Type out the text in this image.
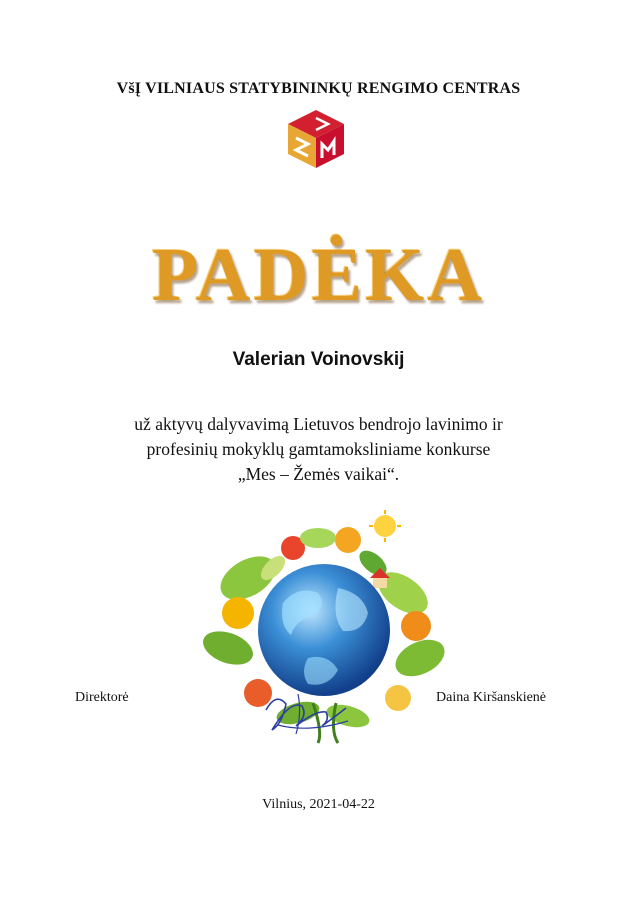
VšĮ VILNIAUS STATYBININKŲ RENGIMO CENTRAS
PADĖKA
Valerian Voinovskij
už aktyvų dalyvavimą Lietuvos bendrojo lavinimo ir
profesinių mokyklų gamtamoksliniame konkurse
„Mes – Žemės vaikai“.
Direktorė	Daina Kiršanskienė
Vilnius, 2021-04-22
